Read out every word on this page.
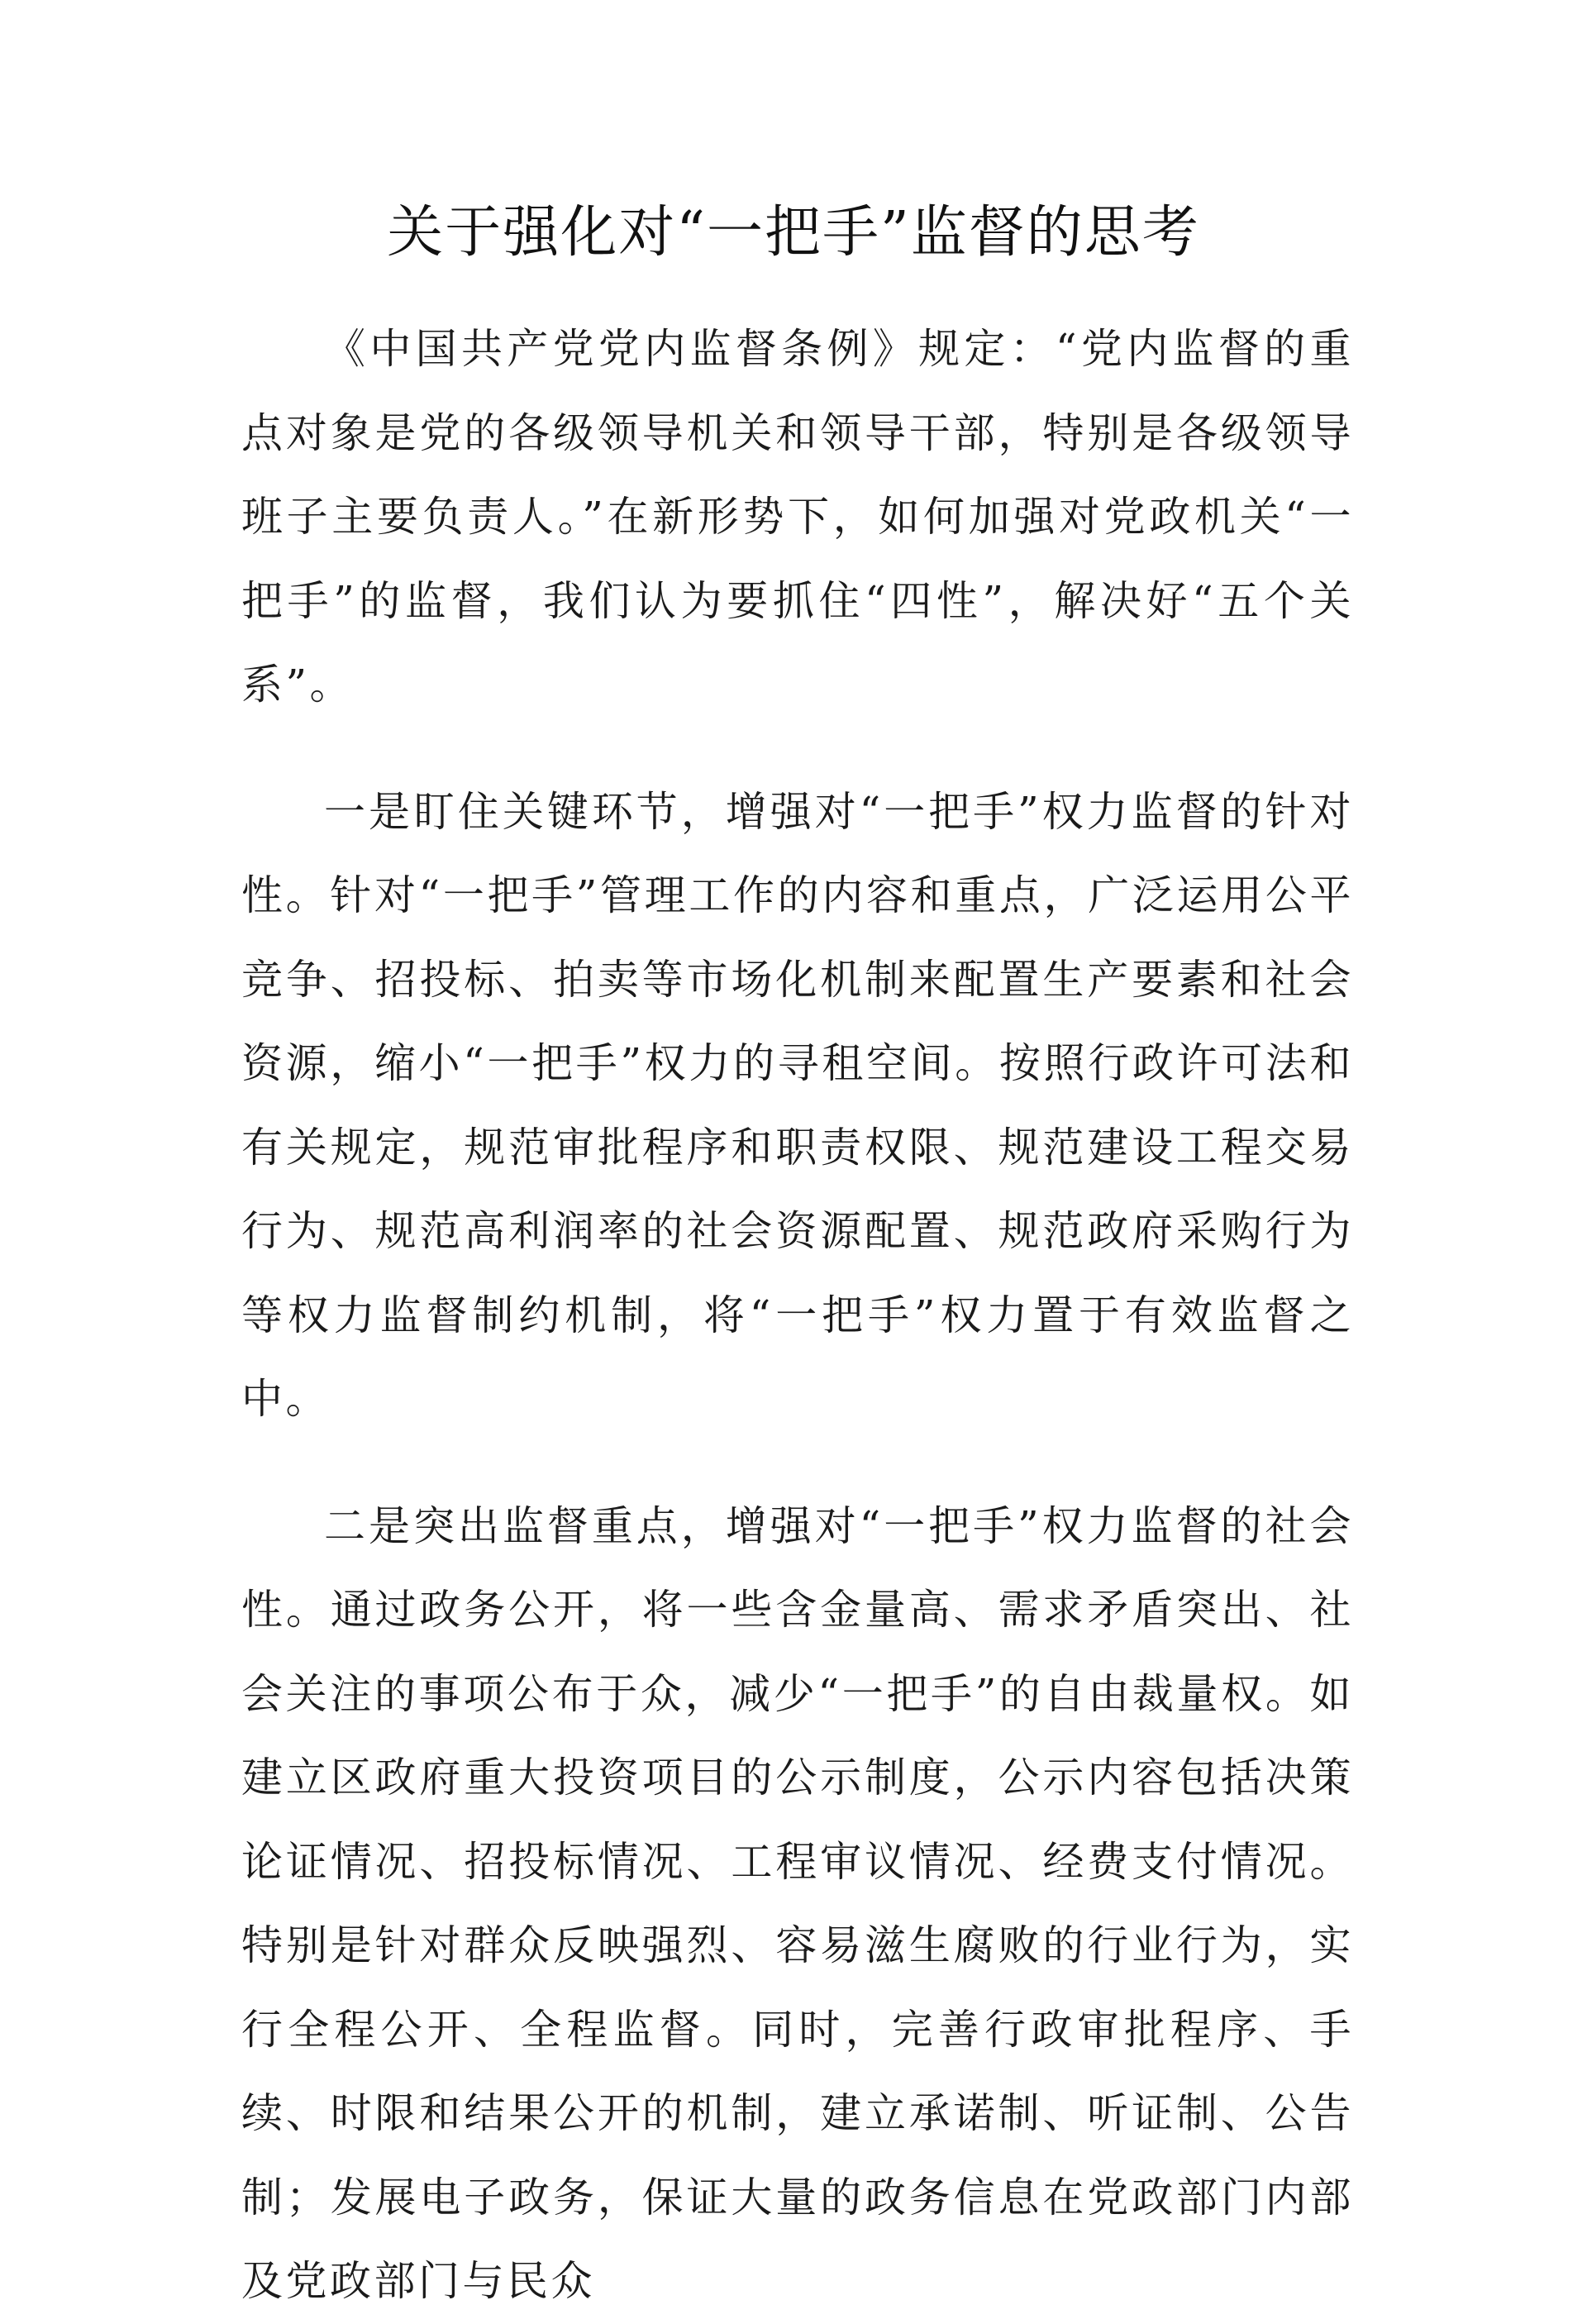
关于强化对“一把手”监督的思考

《中国共产党党内监督条例》规定：“党内监督的重点对象是党的各级领导机关和领导干部，特别是各级领导班子主要负责人。”在新形势下，如何加强对党政机关“一把手”的监督，我们认为要抓住“四性”，解决好“五个关系”。

一是盯住关键环节，增强对“一把手”权力监督的针对性。针对“一把手”管理工作的内容和重点，广泛运用公平竞争、招投标、拍卖等市场化机制来配置生产要素和社会资源，缩小“一把手”权力的寻租空间。按照行政许可法和有关规定，规范审批程序和职责权限、规范建设工程交易行为、规范高利润率的社会资源配置、规范政府采购行为等权力监督制约机制，将“一把手”权力置于有效监督之中。

二是突出监督重点，增强对“一把手”权力监督的社会性。通过政务公开，将一些含金量高、需求矛盾突出、社会关注的事项公布于众，减少“一把手”的自由裁量权。如建立区政府重大投资项目的公示制度，公示内容包括决策论证情况、招投标情况、工程审议情况、经费支付情况。特别是针对群众反映强烈、容易滋生腐败的行业行为，实行全程公开、全程监督。同时，完善行政审批程序、手续、时限和结果公开的机制，建立承诺制、听证制、公告制；发展电子政务，保证大量的政务信息在党政部门内部及党政部门与民众
